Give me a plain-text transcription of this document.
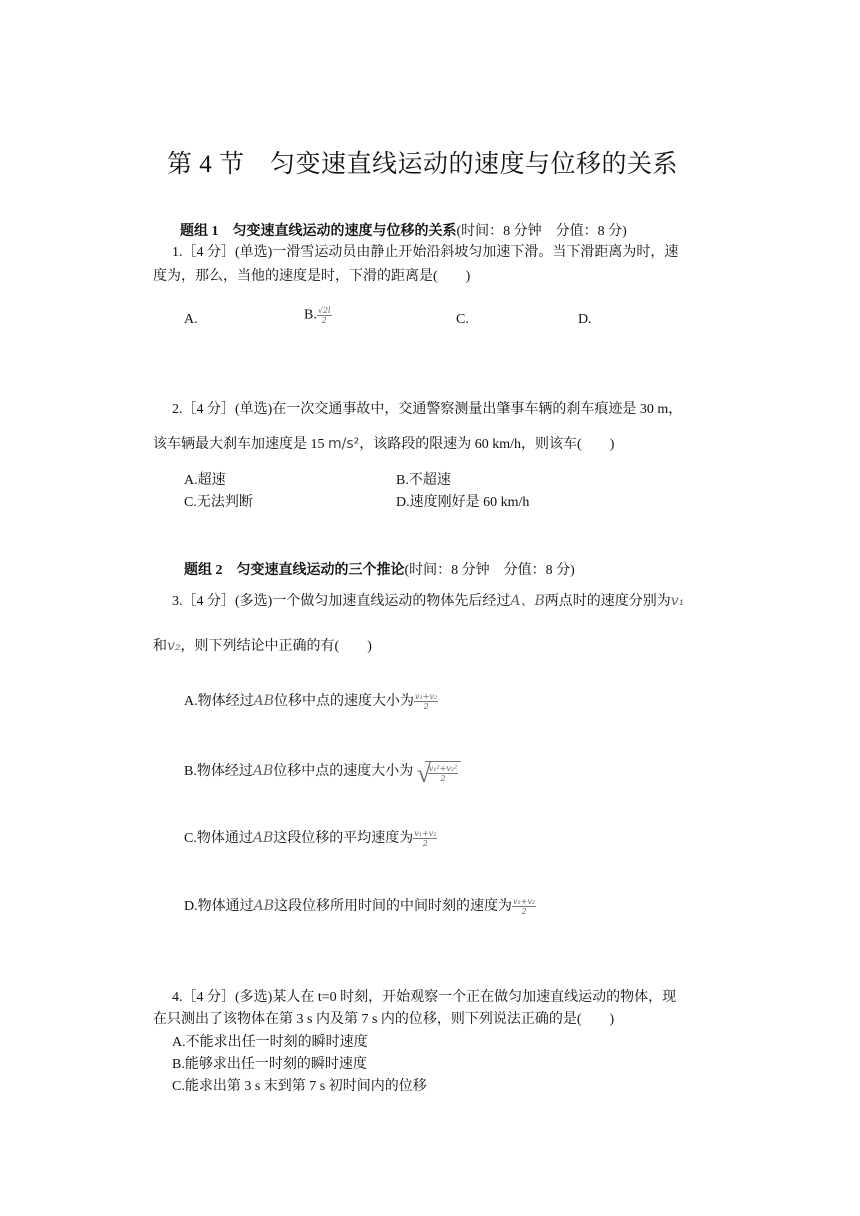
第 4 节　匀变速直线运动的速度与位移的关系
题组 1　匀变速直线运动的速度与位移的关系(时间：8 分钟　分值：8 分)
1.［4 分］(单选)一滑雪运动员由静止开始沿斜坡匀加速下滑。当下滑距离为时，速
度为，那么，当他的速度是时，下滑的距离是(　　)
A.	B. $\frac{√2l}{2}$	C.	D.
2.［4 分］(单选)在一次交通事故中，交通警察测量出肇事车辆的刹车痕迹是 30 m，
该车辆最大刹车加速度是 15 m/s²，该路段的限速为 60 km/h，则该车(　　)
A.超速	B.不超速
C.无法判断	D.速度刚好是 60 km/h
题组 2　匀变速直线运动的三个推论(时间：8 分钟　分值：8 分)
3.［4 分］(多选)一个做匀加速直线运动的物体先后经过A、B两点时的速度分别为v₁
和v₂，则下列结论中正确的有(　　)
A.物体经过AB位移中点的速度大小为 $\frac{\text{v₁+v₂}}{2}$
B.物体经过AB位移中点的速度大小为 √
$\frac{\text{v₁²+v₂²}}{2}$
C.物体通过AB这段位移的平均速度为 $\frac{\text{v₁+v₂}}{2}$
D.物体通过AB这段位移所用时间的中间时刻的速度为 $\frac{\text{v₁+v₂}}{2}$
4.［4 分］(多选)某人在 t=0 时刻，开始观察一个正在做匀加速直线运动的物体，现
在只测出了该物体在第 3 s 内及第 7 s 内的位移，则下列说法正确的是(　　)
A.不能求出任一时刻的瞬时速度
B.能够求出任一时刻的瞬时速度
C.能求出第 3 s 末到第 7 s 初时间内的位移
